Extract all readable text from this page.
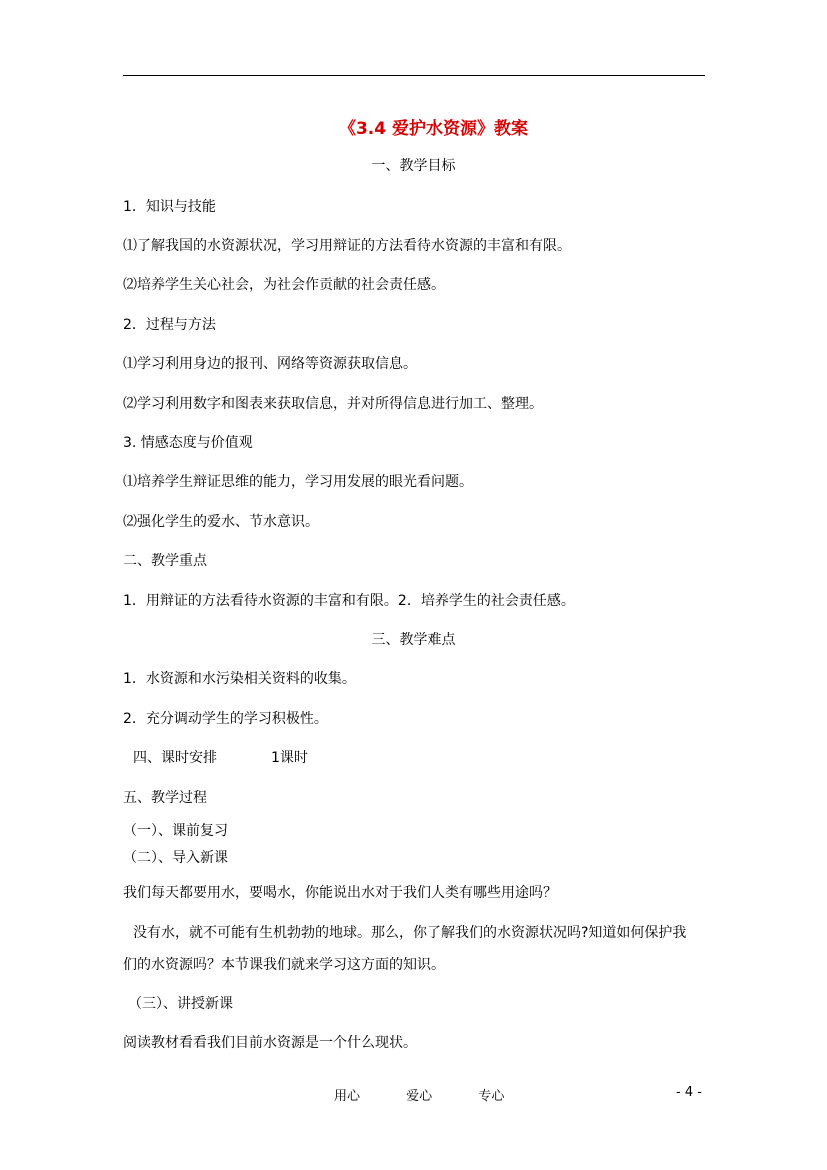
《3.4 爱护水资源》教案
一、教学目标
1．知识与技能
⑴了解我国的水资源状况，学习用辩证的方法看待水资源的丰富和有限。
⑵培养学生关心社会，为社会作贡献的社会责任感。
2．过程与方法
⑴学习利用身边的报刊、网络等资源获取信息。
⑵学习利用数字和图表来获取信息，并对所得信息进行加工、整理。
3. 情感态度与价值观
⑴培养学生辩证思维的能力，学习用发展的眼光看问题。
⑵强化学生的爱水、节水意识。
二、教学重点
1．用辩证的方法看待水资源的丰富和有限。2．培养学生的社会责任感。
三、教学难点
1．水资源和水污染相关资料的收集。
2．充分调动学生的学习积极性。
四、课时安排	1课时
五、教学过程
（一）、课前复习
（二）、导入新课
我们每天都要用水，要喝水，你能说出水对于我们人类有哪些用途吗？
没有水，就不可能有生机勃勃的地球。那么，你了解我们的水资源状况吗?知道如何保护我
们的水资源吗？本节课我们就来学习这方面的知识。
（三）、讲授新课
阅读教材看看我们目前水资源是一个什么现状。
用心	爱心	专心	- 4 -
